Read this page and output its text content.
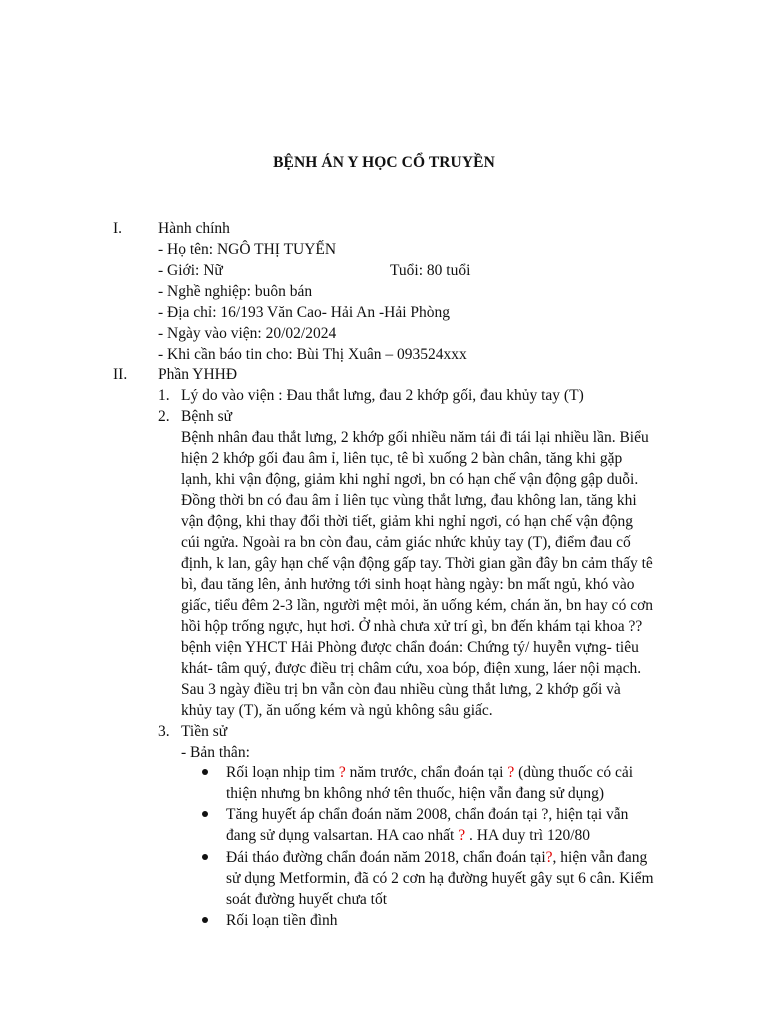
BỆNH ÁN Y HỌC CỔ TRUYỀN
I. Hành chính
- Họ tên: NGÔ THỊ TUYẾN
- Giới: Nữ	Tuổi: 80 tuổi
- Nghề nghiệp: buôn bán
- Địa chỉ: 16/193 Văn Cao- Hải An -Hải Phòng
- Ngày vào viện: 20/02/2024
- Khi cần báo tin cho: Bùi Thị Xuân – 093524xxx
II. Phần YHHĐ
1. Lý do vào viện : Đau thắt lưng, đau 2 khớp gối, đau khủy tay (T)
2. Bệnh sử
Bệnh nhân đau thắt lưng, 2 khớp gối nhiều năm tái đi tái lại nhiều lần. Biểu
hiện 2 khớp gối đau âm ỉ, liên tục, tê bì xuống 2 bàn chân, tăng khi gặp
lạnh, khi vận động, giảm khi nghỉ ngơi, bn có hạn chế vận động gập duỗi.
Đồng thời bn có đau âm ỉ liên tục vùng thắt lưng, đau không lan, tăng khi
vận động, khi thay đổi thời tiết, giảm khi nghỉ ngơi, có hạn chế vận động
cúi ngửa. Ngoài ra bn còn đau, cảm giác nhức khủy tay (T), điểm đau cố
định, k lan, gây hạn chế vận động gấp tay. Thời gian gần đây bn cảm thấy tê
bì, đau tăng lên, ảnh hưởng tới sinh hoạt hàng ngày: bn mất ngủ, khó vào
giấc, tiểu đêm 2-3 lần, người mệt mỏi, ăn uống kém, chán ăn, bn hay có cơn
hồi hộp trống ngực, hụt hơi. Ở nhà chưa xử trí gì, bn đến khám tại khoa ??
bệnh viện YHCT Hải Phòng được chẩn đoán: Chứng tý/ huyễn vựng- tiêu
khát- tâm quý, được điều trị châm cứu, xoa bóp, điện xung, láer nội mạch.
Sau 3 ngày điều trị bn vẫn còn đau nhiều cùng thắt lưng, 2 khớp gối và
khủy tay (T), ăn uống kém và ngủ không sâu giấc.
3. Tiền sử
- Bản thân:
Rối loạn nhịp tim ? năm trước, chẩn đoán tại ? (dùng thuốc có cải
thiện nhưng bn không nhớ tên thuốc, hiện vẫn đang sử dụng)
Tăng huyết áp chẩn đoán năm 2008, chẩn đoán tại ?, hiện tại vẫn
đang sử dụng valsartan. HA cao nhất ? . HA duy trì 120/80
Đái tháo đường chẩn đoán năm 2018, chẩn đoán tại?, hiện vẫn đang
sử dụng Metformin, đã có 2 cơn hạ đường huyết gây sụt 6 cân. Kiểm
soát đường huyết chưa tốt
Rối loạn tiền đình
